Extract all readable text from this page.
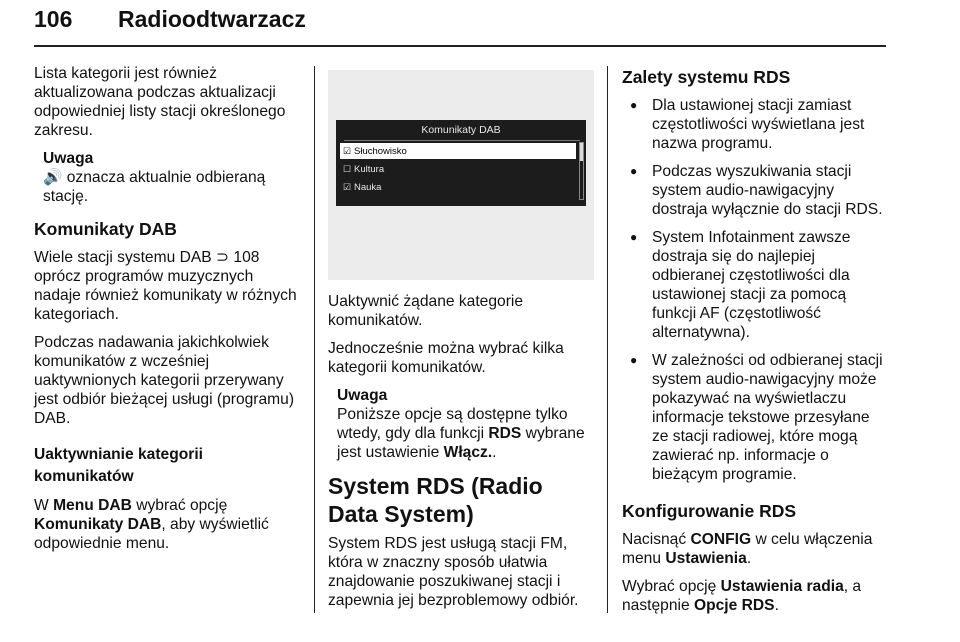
106 Radioodtwarzacz

Lista kategorii jest również aktualizowana podczas aktualizacji odpowiedniej listy stacji określonego zakresu.

Uwaga
🔊 oznacza aktualnie odbieraną stację.
Komunikaty DAB

Wiele stacji systemu DAB ⊃ 108 oprócz programów muzycznych nadaje również komunikaty w różnych kategoriach.

Podczas nadawania jakichkolwiek komunikatów z wcześniej uaktywnionych kategorii przerywany jest odbiór bieżącej usługi (programu) DAB.

Uaktywnianie kategorii komunikatów

W Menu DAB wybrać opcję Komunikaty DAB, aby wyświetlić odpowiednie menu.

Komunikaty DAB
☑ Słuchowisko
☐ Kultura
☑ Nauka

Uaktywnić żądane kategorie komunikatów.

Jednocześnie można wybrać kilka kategorii komunikatów.

Uwaga
Poniższe opcje są dostępne tylko wtedy, gdy dla funkcji RDS wybrane jest ustawienie Włącz..
System RDS (Radio Data System)

System RDS jest usługą stacji FM, która w znaczny sposób ułatwia znajdowanie poszukiwanej stacji i zapewnia jej bezproblemowy odbiór.

Zalety systemu RDS
● Dla ustawionej stacji zamiast częstotliwości wyświetlana jest nazwa programu.
● Podczas wyszukiwania stacji system audio-nawigacyjny dostraja wyłącznie do stacji RDS.
● System Infotainment zawsze dostraja się do najlepiej odbieranej częstotliwości dla ustawionej stacji za pomocą funkcji AF (częstotliwość alternatywna).
● W zależności od odbieranej stacji system audio-nawigacyjny może pokazywać na wyświetlaczu informacje tekstowe przesyłane ze stacji radiowej, które mogą zawierać np. informacje o bieżącym programie.
Konfigurowanie RDS

Nacisnąć CONFIG w celu włączenia menu Ustawienia.

Wybrać opcję Ustawienia radia, a następnie Opcje RDS.
